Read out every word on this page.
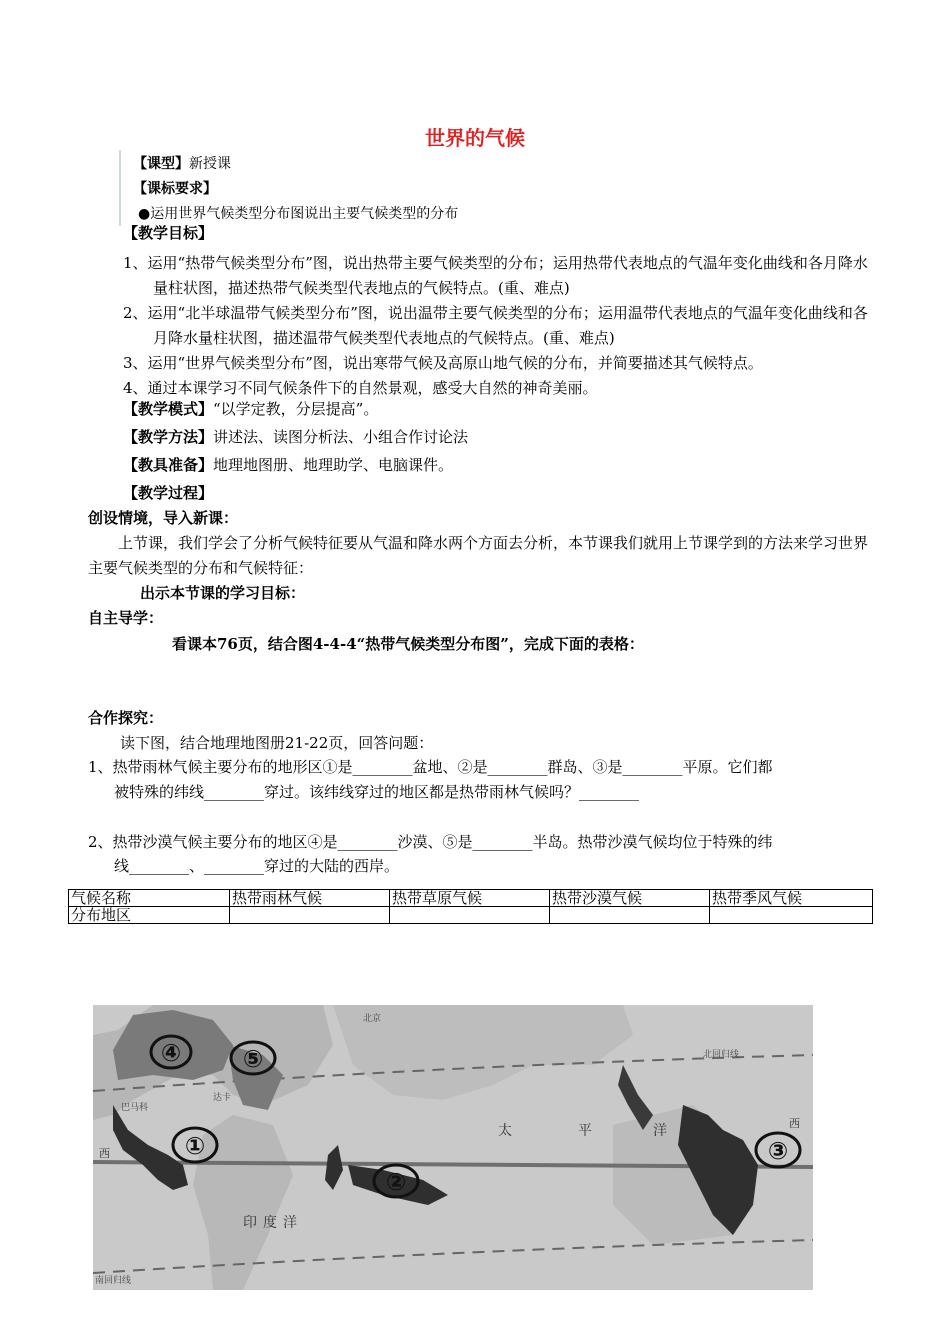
世界的气候
【课型】新授课
【课标要求】
●运用世界气候类型分布图说出主要气候类型的分布
【教学目标】
1、运用“热带气候类型分布”图，说出热带主要气候类型的分布；运用热带代表地点的气温年变化曲线和各月降水量柱状图，描述热带气候类型代表地点的气候特点。(重、难点)
2、运用“北半球温带气候类型分布”图，说出温带主要气候类型的分布；运用温带代表地点的气温年变化曲线和各月降水量柱状图，描述温带气候类型代表地点的气候特点。(重、难点)
3、运用“世界气候类型分布”图，说出寒带气候及高原山地气候的分布，并简要描述其气候特点。
4、通过本课学习不同气候条件下的自然景观，感受大自然的神奇美丽。
【教学模式】“以学定教，分层提高”。
【教学方法】讲述法、读图分析法、小组合作讨论法
【教具准备】地理地图册、地理助学、电脑课件。
【教学过程】
创设情境，导入新课：
上节课，我们学会了分析气候特征要从气温和降水两个方面去分析，本节课我们就用上节课学到的方法来学习世界主要气候类型的分布和气候特征：
出示本节课的学习目标：
自主导学：
看课本76页，结合图4-4-4“热带气候类型分布图”，完成下面的表格：
合作探究：
读下图，结合地理地图册21-22页，回答问题：
1、热带雨林气候主要分布的地形区①是________盆地、②是________群岛、③是________平原。它们都
被特殊的纬线________穿过。该纬线穿过的地区都是热带雨林气候吗？________
2、热带沙漠气候主要分布的地区④是________沙漠、⑤是________半岛。热带沙漠气候均位于特殊的纬
线________、________穿过的大陆的西岸。
气候名称	热带雨林气候	热带草原气候	热带沙漠气候	热带季风气候
分布地区				
④	⑤
①
②
③
太	平	洋
印度洋
西
西
北回归线
南回归线
巴马科
达卡
北京
